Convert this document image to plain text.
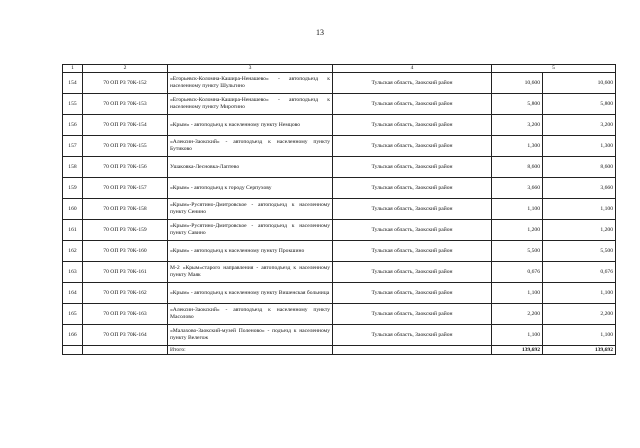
13
1	2	3	4	5	
154	70 ОП РЗ 70К-152	«Егорьевск-Коломна-Кашира-Ненашево» - автоподъезд к населенному пункту Шульгино	Тульская область, Заокский район	10,600	10,600
155	70 ОП РЗ 70К-153	«Егорьевск-Коломна-Кашира-Ненашево» - автоподъезд к населенному пункту Миротино	Тульская область, Заокский район	5,800	5,800
156	70 ОП РЗ 70К-154	«Крым» - автоподъезд к населенному пункту Немцово	Тульская область, Заокский район	3,200	3,200
157	70 ОП РЗ 70К-155	«Алексин-Заокский» - автоподъезд к населенному пункту Бутиково	Тульская область, Заокский район	1,300	1,300
158	70 ОП РЗ 70К-156	Ушакoвка-Лесновка-Лаптево	Тульская область, Заокский район	8,600	8,600
159	70 ОП РЗ 70К-157	«Крым» - автоподъезд к городу Серпухову	Тульская область, Заокский район	3,660	3,660
160	70 ОП РЗ 70К-158	«Крым»-Руcятино-Дмитровское - автоподъезд к населенному пункту Сенино	Тульская область, Заокский район	1,100	1,100
161	70 ОП РЗ 70К-159	«Крым»-Руcятино-Дмитровское - автоподъезд к населенному пункту Савино	Тульская область, Заокский район	1,200	1,200
162	70 ОП РЗ 70К-160	«Крым» - автоподъезд к населенному пункту Прокшино	Тульская область, Заокский район	5,500	5,500
163	70 ОП РЗ 70К-161	М-2 «Крым»старого направления - автоподъезд к населенному пункту Маяк	Тульская область, Заокский район	0,676	0,676
164	70 ОП РЗ 70К-162	«Крым» - автоподъезд к населенному пункту Вишенская больница	Тульская область, Заокский район	1,100	1,100
165	70 ОП РЗ 70К-163	«Алексин-Заокский» - автоподъезд к населенному пункту Масолово	Тульская область, Заокский район	2,200	2,200
166	70 ОП РЗ 70К-164	«Малахово-Заокский-музей Поленово» - подъезд к населенному пункту Велегож	Тульская область, Заокский район	1,100	1,100
		Итого:		139,692	139,692
